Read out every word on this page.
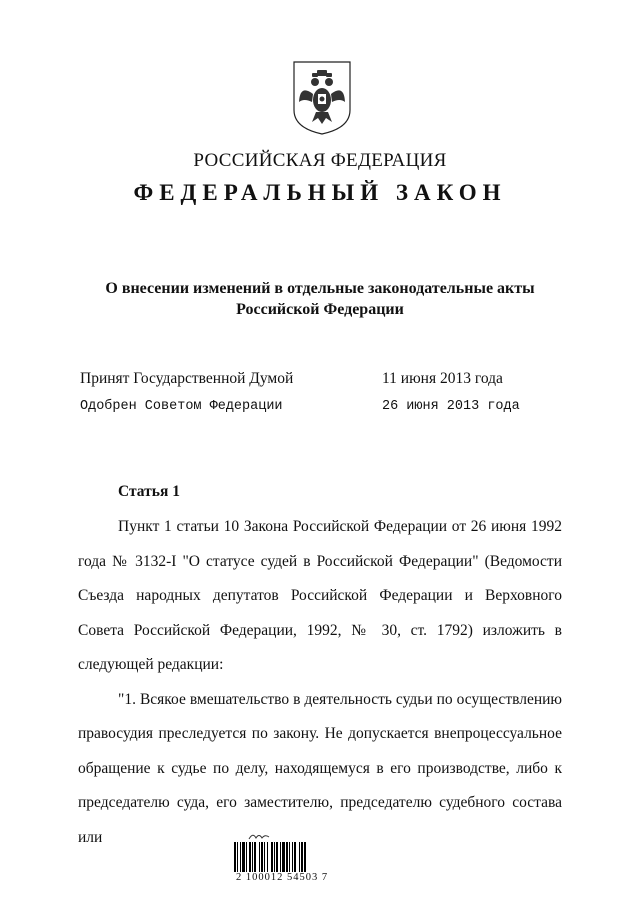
РОССИЙСКАЯ ФЕДЕРАЦИЯ
ФЕДЕРАЛЬНЫЙ ЗАКОН
О внесении изменений в отдельные законодательные акты
Российской Федерации
Принят Государственной Думой	11 июня 2013 года
Одобрен Советом Федерации	26 июня 2013 года
Статья 1

Пункт 1 статьи 10 Закона Российской Федерации от 26 июня 1992 года № 3132-I "О статусе судей в Российской Федерации" (Ведомости Съезда народных депутатов Российской Федерации и Верховного Совета Российской Федерации, 1992, № 30, ст. 1792) изложить в следующей редакции:

"1. Всякое вмешательство в деятельность судьи по осуществлению правосудия преследуется по закону. Не допускается внепроцессуальное обращение к судье по делу, находящемуся в его производстве, либо к председателю суда, его заместителю, председателю судебного состава или

2 100012 54503 7
